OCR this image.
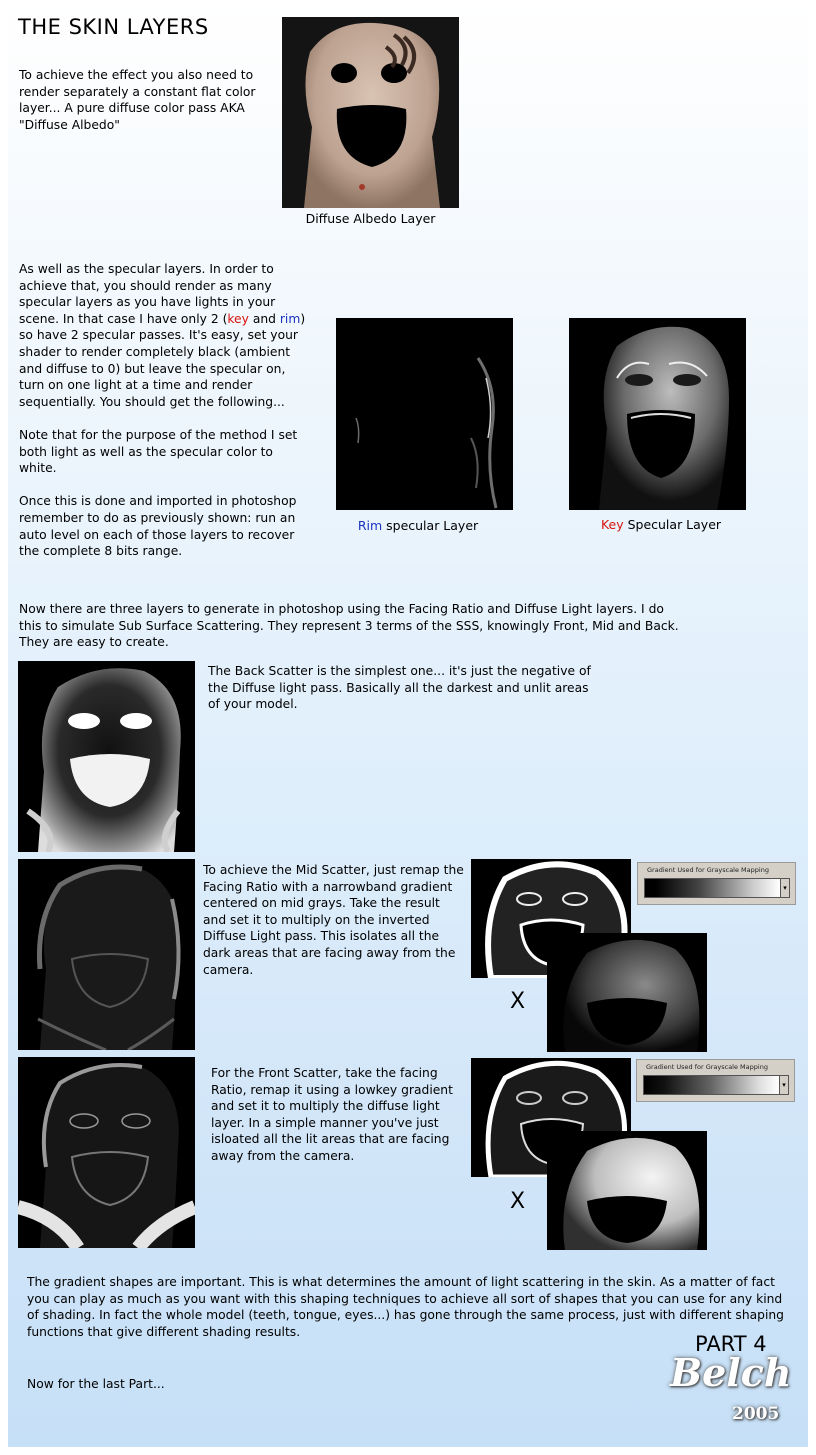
THE SKIN LAYERS

To achieve the effect you also need to render separately a constant flat color layer... A pure diffuse color pass AKA "Diffuse Albedo"

Diffuse Albedo Layer

As well as the specular layers. In order to achieve that, you should render as many specular layers as you have lights in your scene. In that case I have only 2 (key and rim) so have 2 specular passes. It's easy, set your shader to render completely black (ambient and diffuse to 0) but leave the specular on, turn on one light at a time and render sequentially. You should get the following...

Note that for the purpose of the method I set both light as well as the specular color to white.

Once this is done and imported in photoshop remember to do as previously shown: run an auto level on each of those layers to recover the complete 8 bits range.

Rim specular Layer	Key Specular Layer

Now there are three layers to generate in photoshop using the Facing Ratio and Diffuse Light layers. I do this to simulate Sub Surface Scattering. They represent 3 terms of the SSS, knowingly Front, Mid and Back. They are easy to create.

The Back Scatter is the simplest one... it's just the negative of the Diffuse light pass. Basically all the darkest and unlit areas of your model.

To achieve the Mid Scatter, just remap the Facing Ratio with a narrowband gradient centered on mid grays. Take the result and set it to multiply on the inverted Diffuse Light pass. This isolates all the dark areas that are facing away from the camera.

X
Gradient Used for Grayscale Mapping
▾

For the Front Scatter, take the facing Ratio, remap it using a lowkey gradient and set it to multiply the diffuse light layer. In a simple manner you've just isloated all the lit areas that are facing away from the camera.

X
Gradient Used for Grayscale Mapping
▾

The gradient shapes are important. This is what determines the amount of light scattering in the skin. As a matter of fact you can play as much as you want with this shaping techniques to achieve all sort of shapes that you can use for any kind of shading. In fact the whole model (teeth, tongue, eyes...) has gone through the same process, just with different shaping functions that give different shading results.

PART 4

Now for the last Part...	Belch
2005
